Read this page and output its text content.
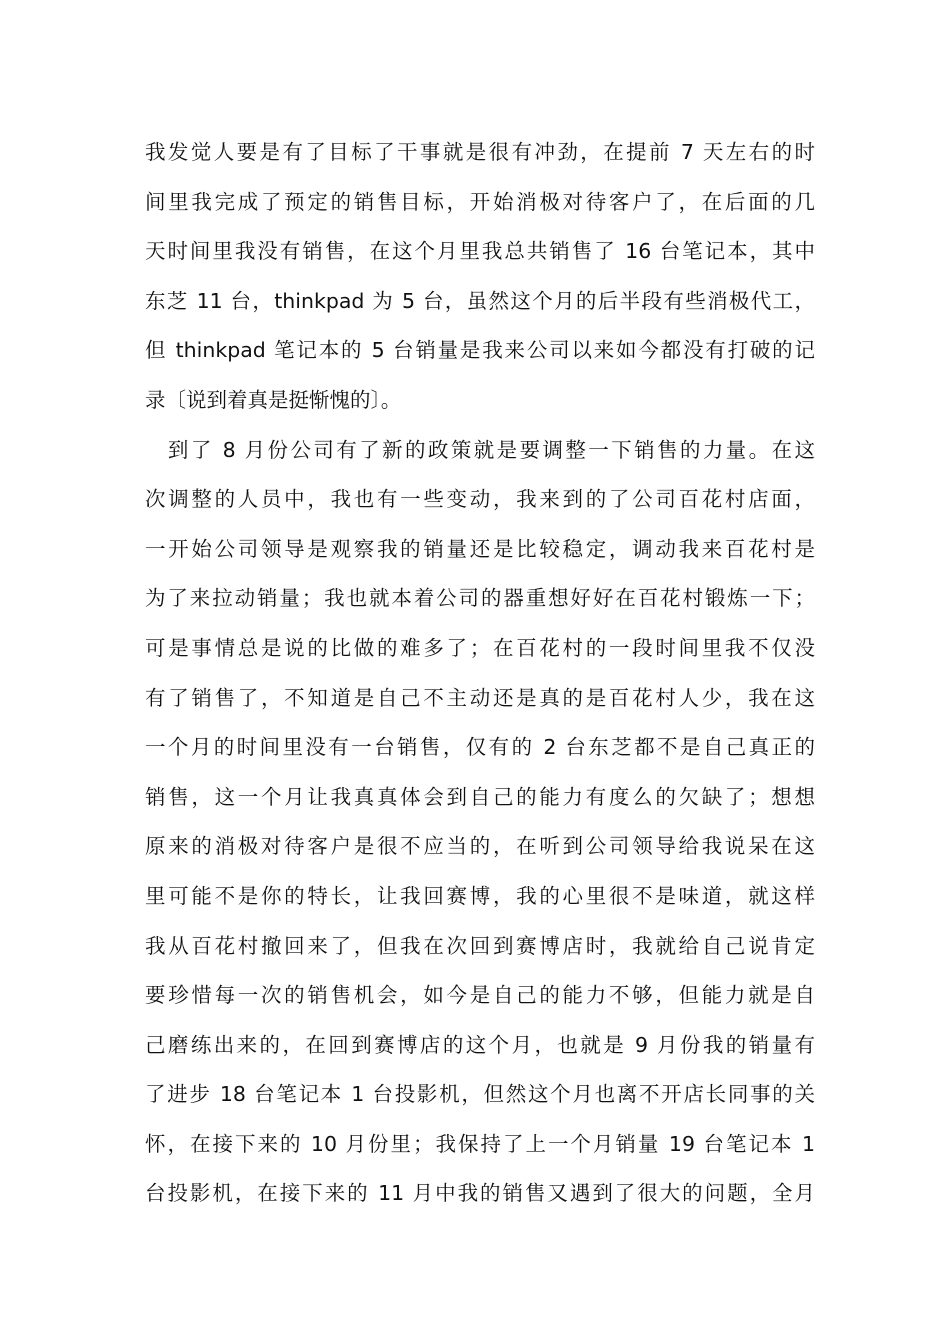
我发觉人要是有了目标了干事就是很有冲劲，在提前 7 天左右的时
间里我完成了预定的销售目标，开始消极对待客户了，在后面的几
天时间里我没有销售，在这个月里我总共销售了 16 台笔记本，其中
东芝 11 台，thinkpad 为 5 台，虽然这个月的后半段有些消极代工，
但 thinkpad 笔记本的 5 台销量是我来公司以来如今都没有打破的记
录〔说到着真是挺惭愧的〕。

　到了 8 月份公司有了新的政策就是要调整一下销售的力量。在这
次调整的人员中，我也有一些变动，我来到的了公司百花村店面，
一开始公司领导是观察我的销量还是比较稳定，调动我来百花村是
为了来拉动销量；我也就本着公司的器重想好好在百花村锻炼一下；
可是事情总是说的比做的难多了；在百花村的一段时间里我不仅没
有了销售了，不知道是自己不主动还是真的是百花村人少，我在这
一个月的时间里没有一台销售，仅有的 2 台东芝都不是自己真正的
销售，这一个月让我真真体会到自己的能力有度么的欠缺了；想想
原来的消极对待客户是很不应当的，在听到公司领导给我说呆在这
里可能不是你的特长，让我回赛博，我的心里很不是味道，就这样
我从百花村撤回来了，但我在次回到赛博店时，我就给自己说肯定
要珍惜每一次的销售机会，如今是自己的能力不够，但能力就是自
己磨练出来的，在回到赛博店的这个月，也就是 9 月份我的销量有
了进步 18 台笔记本 1 台投影机，但然这个月也离不开店长同事的关
怀，在接下来的 10 月份里；我保持了上一个月销量 19 台笔记本 1
台投影机，在接下来的 11 月中我的销售又遇到了很大的问题，全月
